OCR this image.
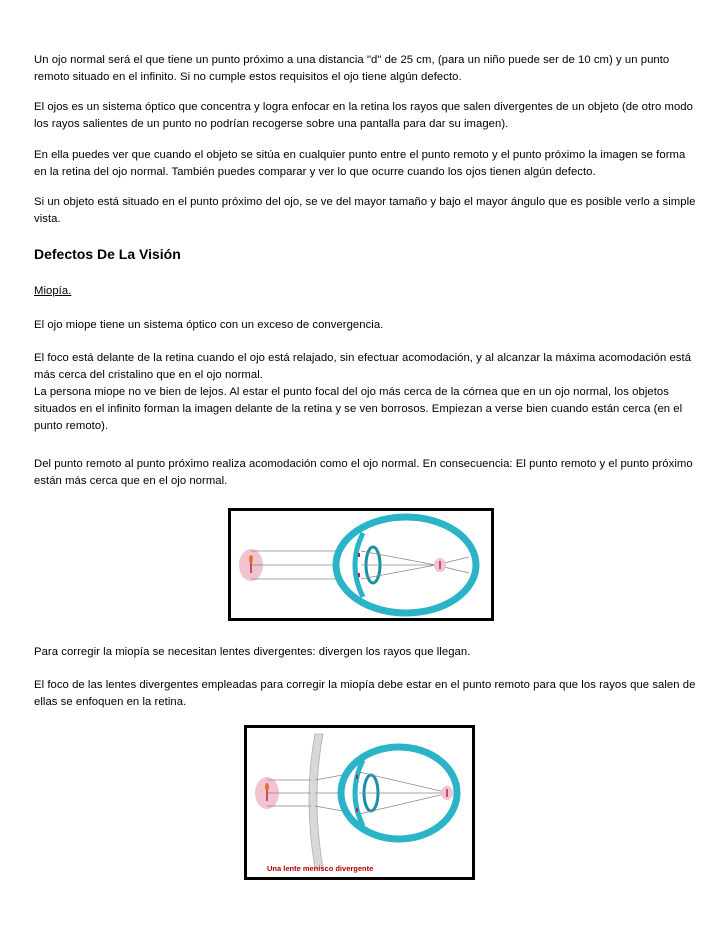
Un ojo normal será el que tiene un punto próximo a una distancia "d" de 25 cm, (para un niño puede ser de 10 cm) y un punto remoto situado en el infinito. Si no cumple estos requisitos el ojo tiene algún defecto.

El ojos es un sistema óptico que concentra y logra enfocar en la retina los rayos que salen divergentes de un objeto (de otro modo los rayos salientes de un punto no podrían recogerse sobre una pantalla para dar su imagen).

En ella puedes ver que cuando el objeto se sitúa en cualquier punto entre el punto remoto y el punto próximo la imagen se forma en la retina del ojo normal. También puedes comparar y ver lo que ocurre cuando los ojos tienen algún defecto.

Si un objeto está situado en el punto próximo del ojo, se ve del mayor tamaño y bajo el mayor ángulo que es posible verlo a simple vista.

Defectos De La Visión

Miopía.

El ojo miope tiene un sistema óptico con un exceso de convergencia.

El foco está delante de la retina cuando el ojo está relajado, sin efectuar acomodación, y al alcanzar la máxima acomodación está más cerca del cristalino que en el ojo normal.

La persona miope no ve bien de lejos. Al estar el punto focal del ojo más cerca de la córnea que en un ojo normal, los objetos situados en el infinito forman la imagen delante de la retina y se ven borrosos. Empiezan a verse bien cuando están cerca (en el punto remoto).

Del punto remoto al punto próximo realiza acomodación como el ojo normal. En consecuencia: El punto remoto y el punto próximo están más cerca que en el ojo normal.

Para corregir la miopía se necesitan lentes divergentes: divergen los rayos que llegan.

El foco de las lentes divergentes empleadas para corregir la miopía debe estar en el punto remoto para que los rayos que salen de ellas se enfoquen en la retina.

Una lente menisco divergente
